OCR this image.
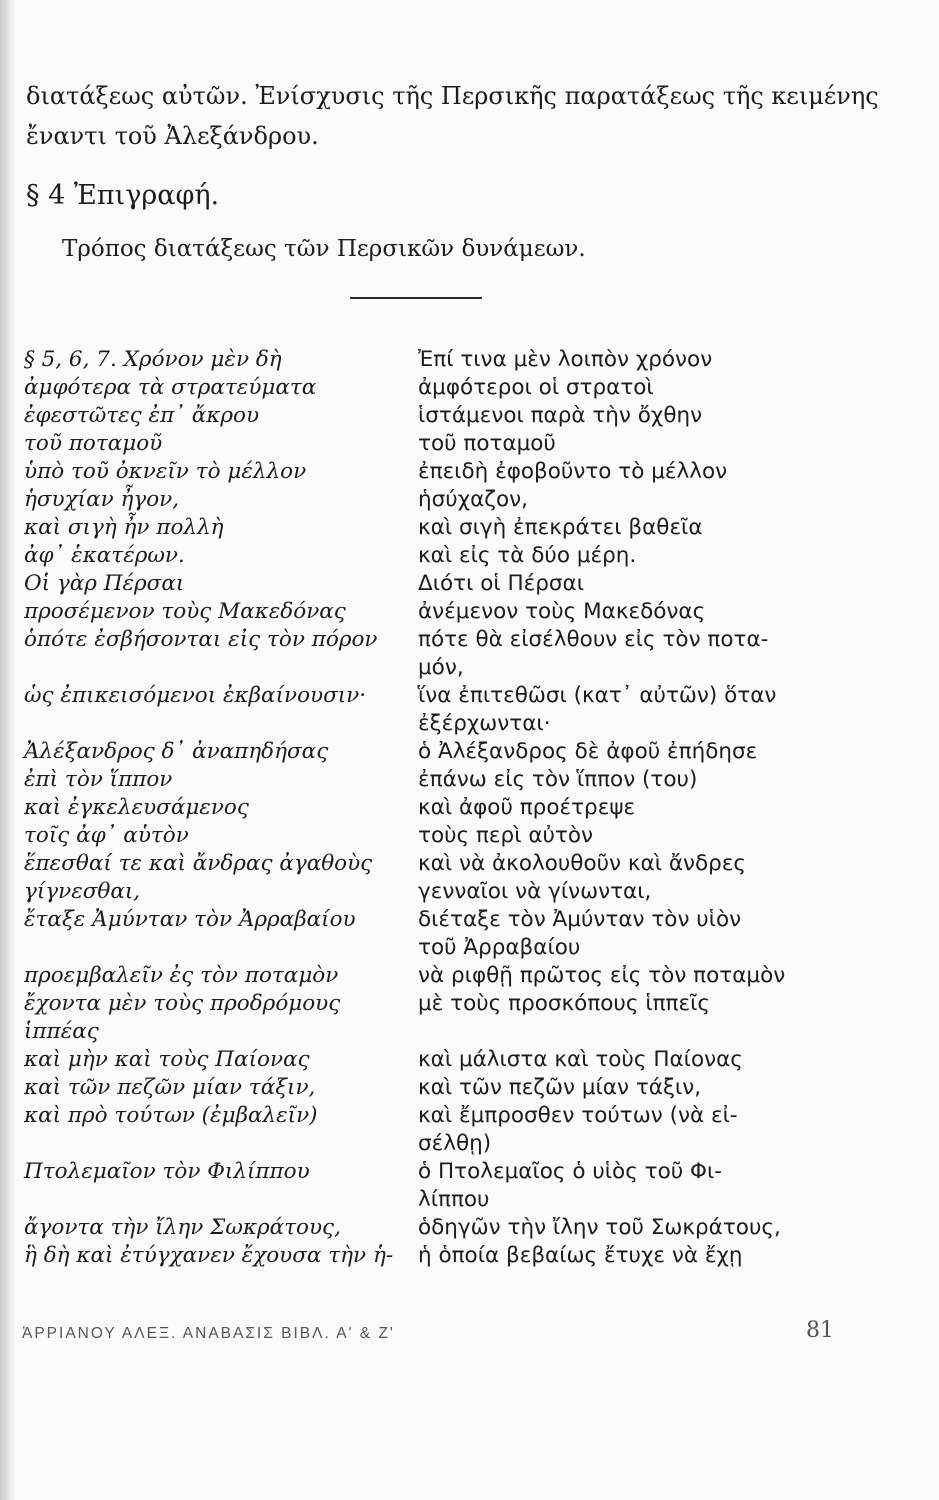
διατάξεως αὐτῶν. Ἐνίσχυσις τῆς Περσικῆς παρατάξεως τῆς κειμένης

ἔναντι τοῦ Ἀλεξάνδρου.

§ 4 Ἐπιγραφή.
Τρόπος διατάξεως τῶν Περσικῶν δυνάμεων.
§ 5, 6, 7. Χρόνον μὲν δὴ
ἀμφότερα τὰ στρατεύματα
ἐφεστῶτες ἐπ᾽ ἄκρου
τοῦ ποταμοῦ
ὑπὸ τοῦ ὀκνεῖν τὸ μέλλον
ἡσυχίαν ἦγον,
καὶ σιγὴ ἦν πολλὴ
ἀφ᾽ ἑκατέρων.
Οἱ γὰρ Πέρσαι
προσέμενον τοὺς Μακεδόνας
ὁπότε ἐσβήσονται εἰς τὸν πόρον
ὡς ἐπικεισόμενοι ἐκβαίνουσιν·
Ἀλέξανδρος δ᾽ ἀναπηδήσας
ἐπὶ τὸν ἵππον
καὶ ἐγκελευσάμενος
τοῖς ἀφ᾽ αὑτὸν
ἕπεσθαί τε καὶ ἄνδρας ἀγαθοὺς
γίγνεσθαι,
ἔταξε Ἀμύνταν τὸν Ἀρραβαίου
προεμβαλεῖν ἐς τὸν ποταμὸν
ἔχοντα μὲν τοὺς προδρόμους
ἱππέας
καὶ μὴν καὶ τοὺς Παίονας
καὶ τῶν πεζῶν μίαν τάξιν,
καὶ πρὸ τούτων (ἐμβαλεῖν)
Πτολεμαῖον τὸν Φιλίππου
ἄγοντα τὴν ἴλην Σωκράτους,
ἣ δὴ καὶ ἐτύγχανεν ἔχουσα τὴν ἡ-
Ἐπί τινα μὲν λοιπὸν χρόνον
ἀμφότεροι οἱ στρατοὶ
ἱστάμενοι παρὰ τὴν ὄχθην
τοῦ ποταμοῦ
ἐπειδὴ ἐφοβοῦντο τὸ μέλλον
ἡσύχαζον,
καὶ σιγὴ ἐπεκράτει βαθεῖα
καὶ εἰς τὰ δύο μέρη.
Διότι οἱ Πέρσαι
ἀνέμενον τοὺς Μακεδόνας
πότε θὰ εἰσέλθουν εἰς τὸν ποτα-
μόν,
ἵνα ἐπιτεθῶσι (κατ᾽ αὐτῶν) ὅταν
ἐξέρχωνται·
ὁ Ἀλέξανδρος δὲ ἀφοῦ ἐπήδησε
ἐπάνω εἰς τὸν ἵππον (του)
καὶ ἀφοῦ προέτρεψε
τοὺς περὶ αὐτὸν
καὶ νὰ ἀκολουθοῦν καὶ ἄνδρες
γενναῖοι νὰ γίνωνται,
διέταξε τὸν Ἀμύνταν τὸν υἱὸν
τοῦ Ἀρραβαίου
νὰ ριφθῇ πρῶτος εἰς τὸν ποταμὸν
μὲ τοὺς προσκόπους ἱππεῖς
καὶ μάλιστα καὶ τοὺς Παίονας
καὶ τῶν πεζῶν μίαν τάξιν,
καὶ ἔμπροσθεν τούτων (νὰ εἰ-
σέλθῃ)
ὁ Πτολεμαῖος ὁ υἱὸς τοῦ Φι-
λίππου
ὁδηγῶν τὴν ἴλην τοῦ Σωκράτους,
ἡ ὁποία βεβαίως ἔτυχε νὰ ἔχῃ
ἈΡΡΙΑΝΟΥ ΑΛΕΞ. ΑΝΑΒΑΣΙΣ ΒΙΒΛ. Α' & Ζ'	81
